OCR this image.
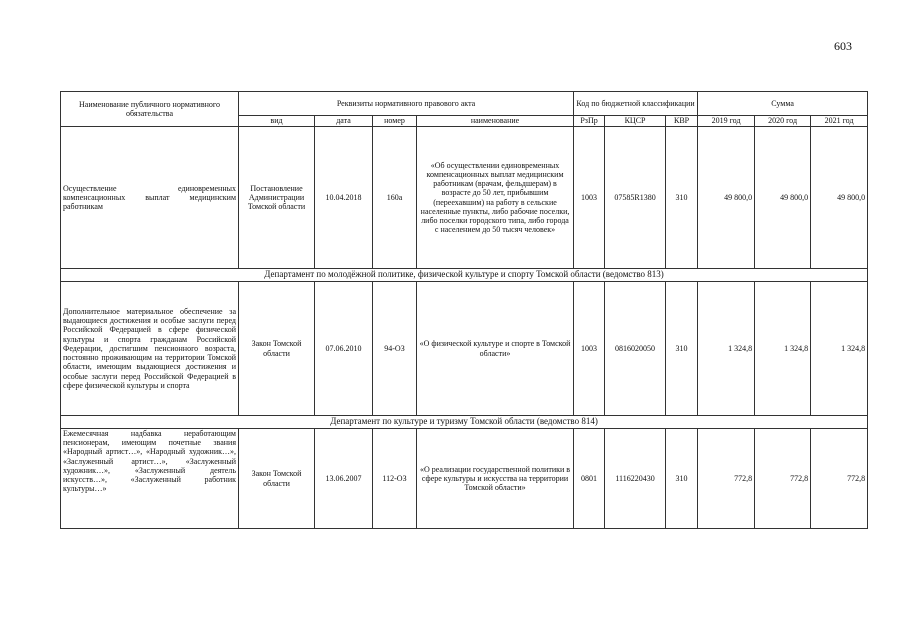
603
Наименование публичного нормативного обязательства	Реквизиты нормативного правового акта				Код по бюджетной классификации			Сумма		
	вид	дата	номер	наименование	РзПр	КЦСР	КВР	2019 год	2020 год	2021 год
Осуществление единовременных компенсационных выплат медицинским работникам	Постановление Администрации Томской области	10.04.2018	160а	«Об осуществлении единовременных компенсационных выплат медицинским работникам (врачам, фельдшерам) в возрасте до 50 лет, прибывшим (переехавшим) на работу в сельские населенные пункты, либо рабочие поселки, либо поселки городского типа, либо города с населением до 50 тысяч человек»	1003	07585R1380	310	49 800,0	49 800,0	49 800,0
Департамент по молодёжной политике, физической культуре и спорту Томской области (ведомство 813)										
Дополнительное материальное обеспечение за выдающиеся достижения и особые заслуги перед Российской Федерацией в сфере физической культуры и спорта гражданам Российской Федерации, достигшим пенсионного возраста, постоянно проживающим на территории Томской области, имеющим выдающиеся достижения и особые заслуги перед Российской Федерацией в сфере физической культуры и спорта	Закон Томской области	07.06.2010	94-ОЗ	«О физической культуре и спорте в Томской области»	1003	0816020050	310	1 324,8	1 324,8	1 324,8
Департамент по культуре и туризму Томской области (ведомство 814)										
Ежемесячная надбавка неработающим пенсионерам, имеющим почетные звания «Народный артист…», «Народный художник…», «Заслуженный артист…», «Заслуженный художник…», «Заслуженный деятель искусств…», «Заслуженный работник культуры…»	Закон Томской области	13.06.2007	112-ОЗ	«О реализации государственной политики в сфере культуры и искусства на территории Томской области»	0801	1116220430	310	772,8	772,8	772,8
